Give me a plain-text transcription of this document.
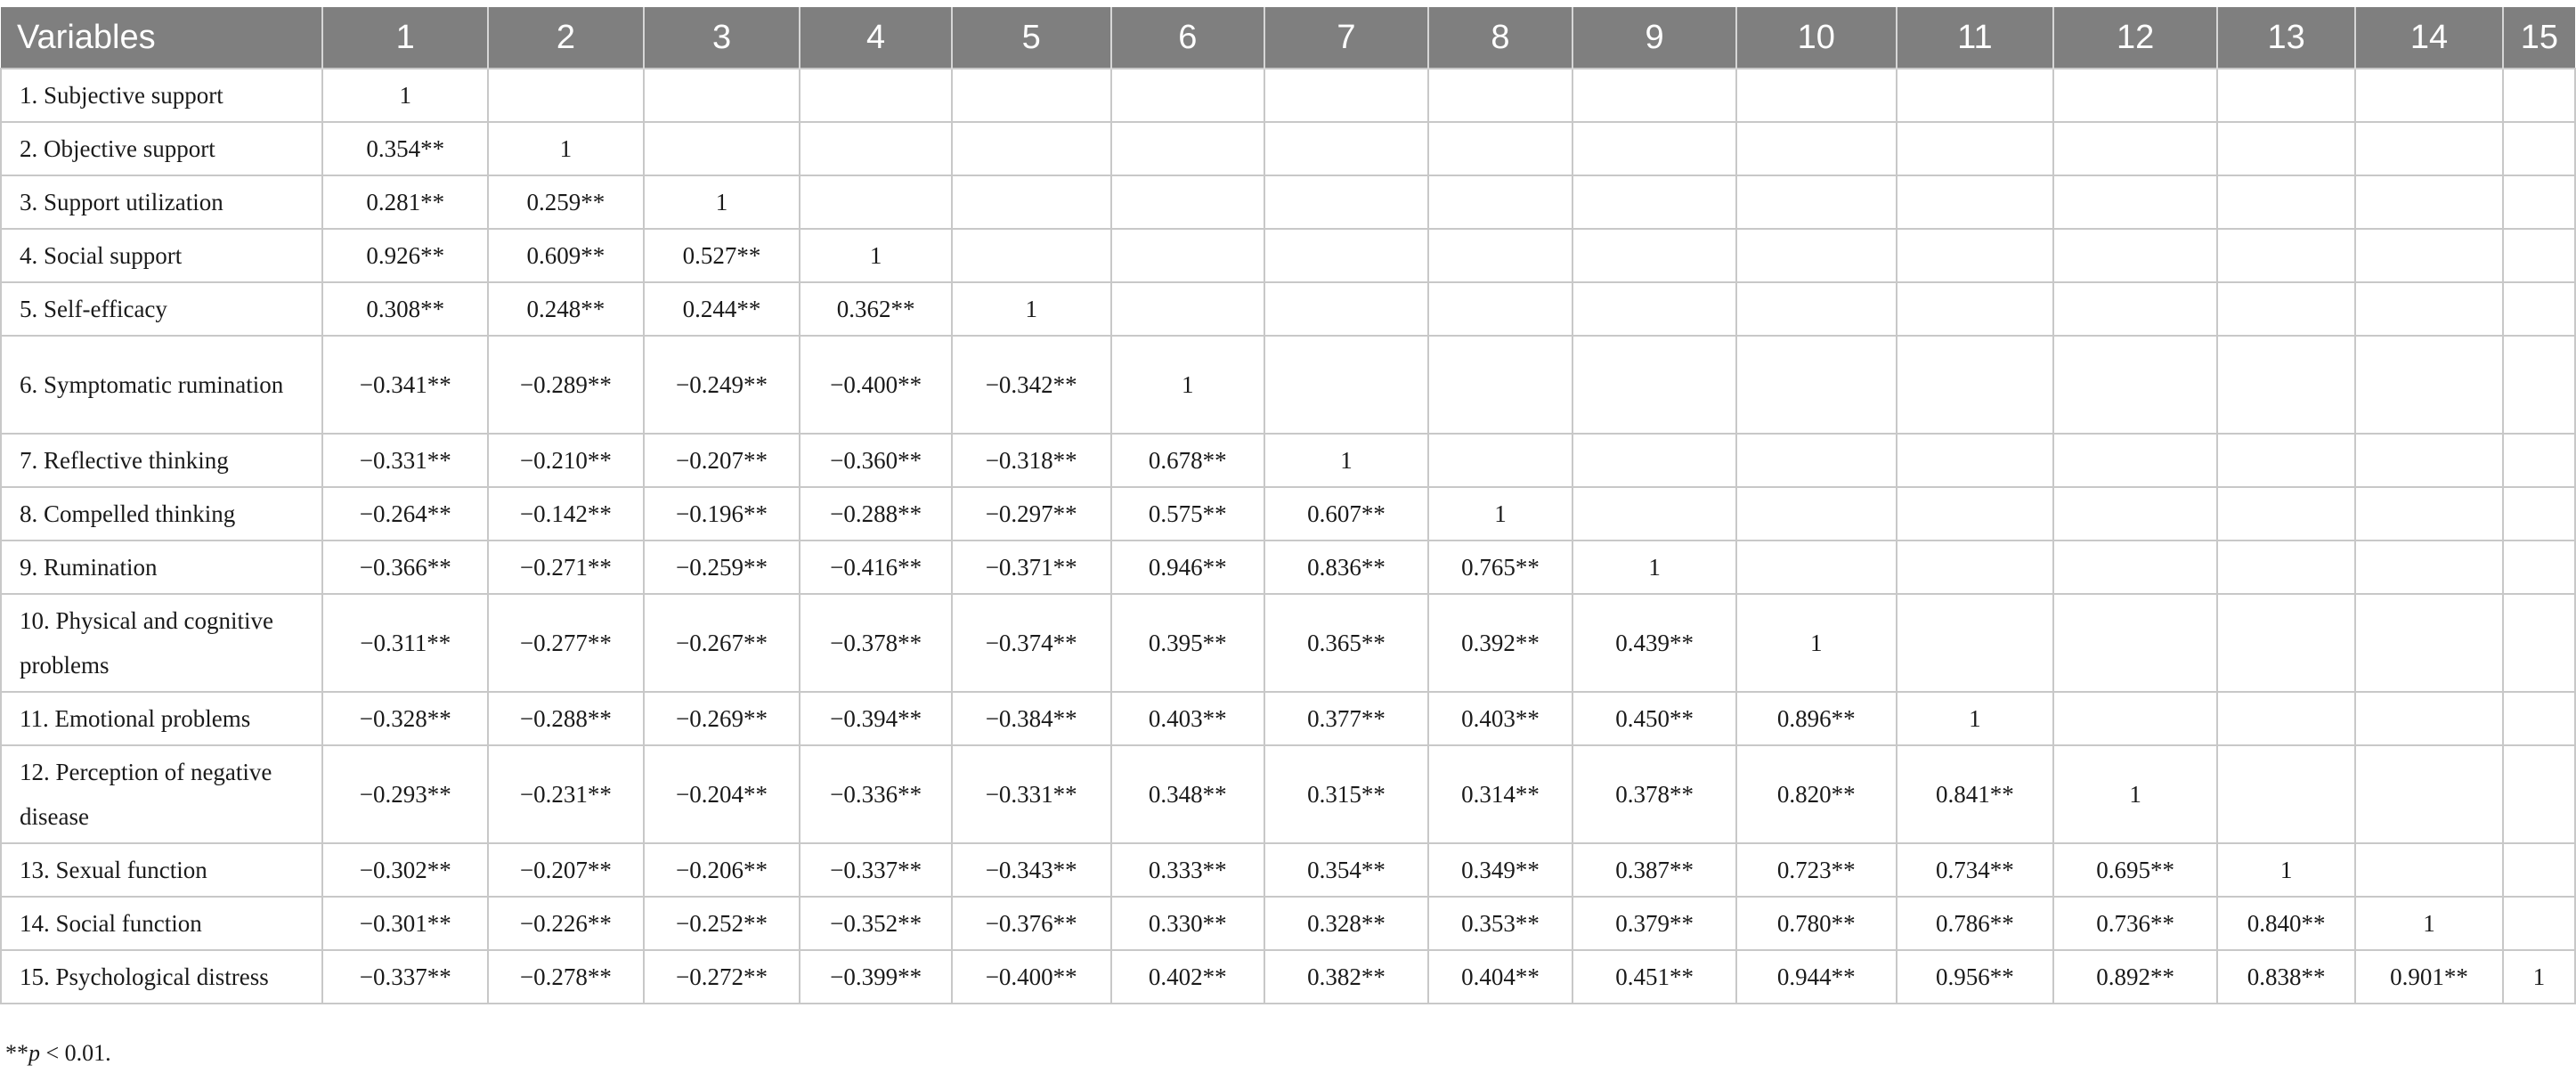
Variables	1	2	3	4	5	6	7	8	9	10	11	12	13	14	15
1. Subjective support	1														
2. Objective support	0.354**	1													
3. Support utilization	0.281**	0.259**	1												
4. Social support	0.926**	0.609**	0.527**	1											
5. Self-efficacy	0.308**	0.248**	0.244**	0.362**	1										
6. Symptomatic rumination	−0.341**	−0.289**	−0.249**	−0.400**	−0.342**	1									
7. Reflective thinking	−0.331**	−0.210**	−0.207**	−0.360**	−0.318**	0.678**	1								
8. Compelled thinking	−0.264**	−0.142**	−0.196**	−0.288**	−0.297**	0.575**	0.607**	1							
9. Rumination	−0.366**	−0.271**	−0.259**	−0.416**	−0.371**	0.946**	0.836**	0.765**	1						
10. Physical and cognitive problems	−0.311**	−0.277**	−0.267**	−0.378**	−0.374**	0.395**	0.365**	0.392**	0.439**	1					
11. Emotional problems	−0.328**	−0.288**	−0.269**	−0.394**	−0.384**	0.403**	0.377**	0.403**	0.450**	0.896**	1				
12. Perception of negative disease	−0.293**	−0.231**	−0.204**	−0.336**	−0.331**	0.348**	0.315**	0.314**	0.378**	0.820**	0.841**	1			
13. Sexual function	−0.302**	−0.207**	−0.206**	−0.337**	−0.343**	0.333**	0.354**	0.349**	0.387**	0.723**	0.734**	0.695**	1		
14. Social function	−0.301**	−0.226**	−0.252**	−0.352**	−0.376**	0.330**	0.328**	0.353**	0.379**	0.780**	0.786**	0.736**	0.840**	1	
15. Psychological distress	−0.337**	−0.278**	−0.272**	−0.399**	−0.400**	0.402**	0.382**	0.404**	0.451**	0.944**	0.956**	0.892**	0.838**	0.901**	1
**p < 0.01.
